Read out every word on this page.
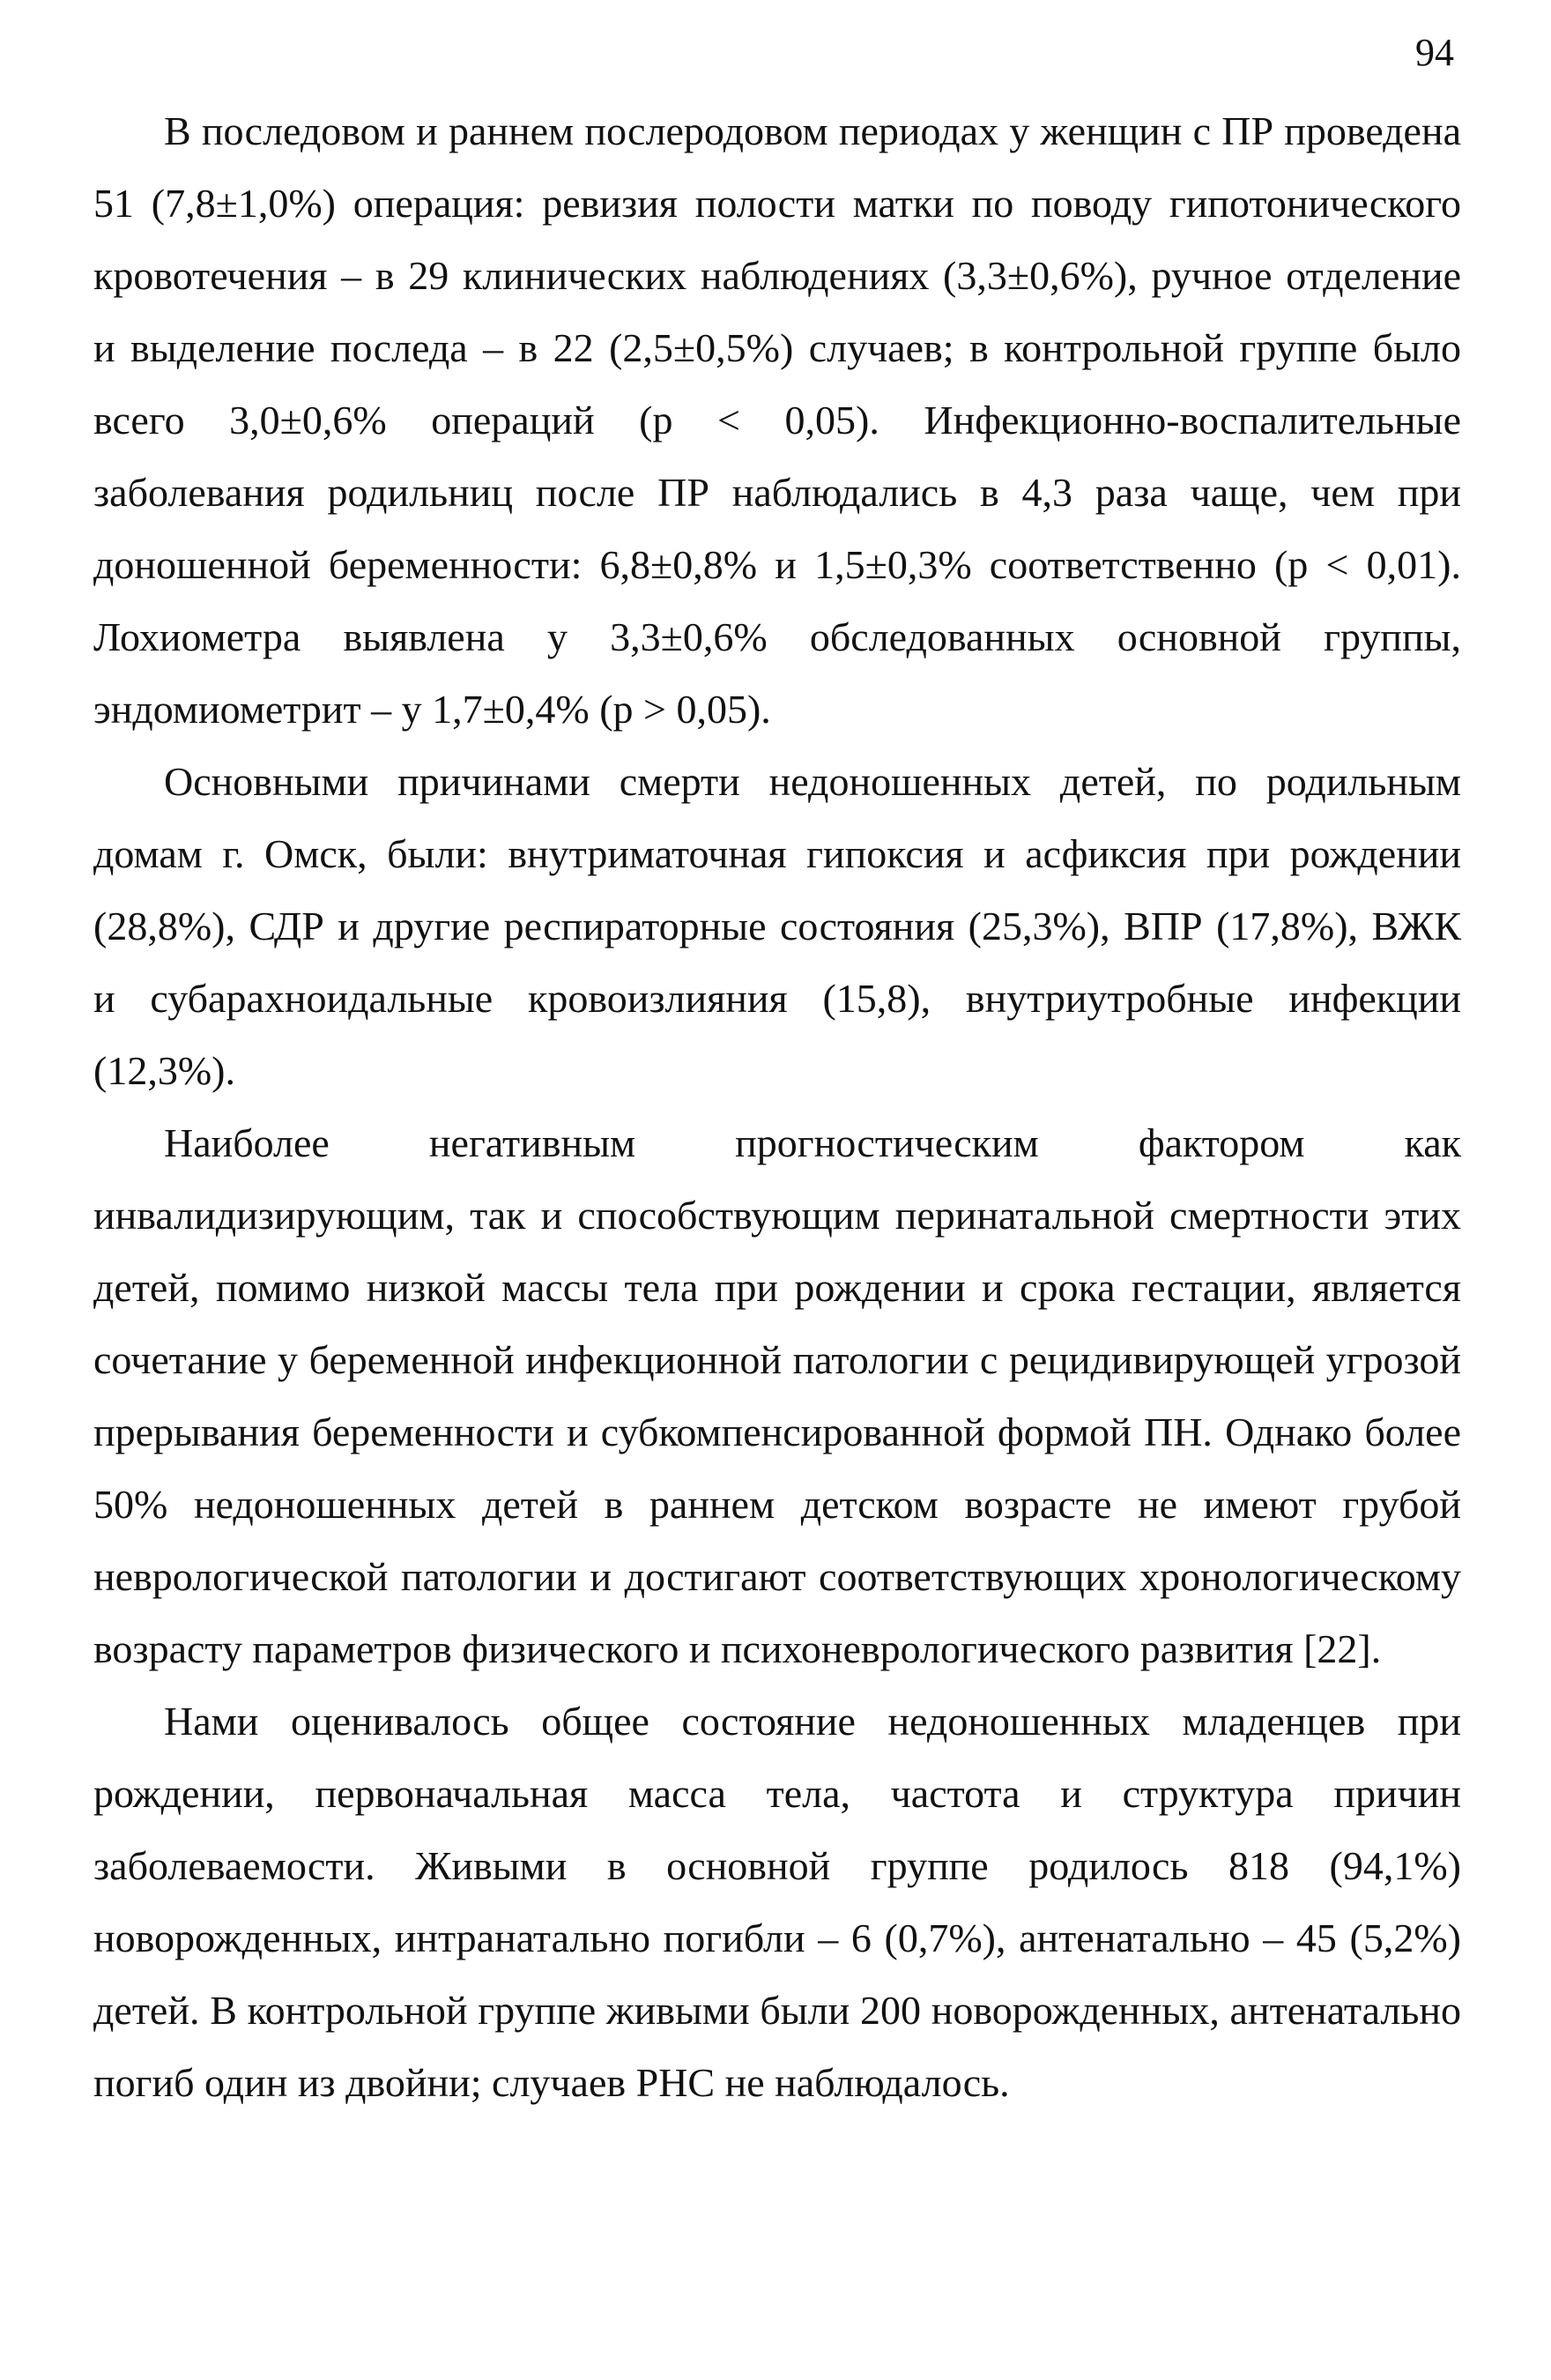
94

В последовом и раннем послеродовом периодах у женщин с ПР проведена 51 (7,8±1,0%) операция: ревизия полости матки по поводу гипотонического кровотечения – в 29 клинических наблюдениях (3,3±0,6%), ручное отделение и выделение последа – в 22 (2,5±0,5%) случаев; в контрольной группе было всего 3,0±0,6% операций (р < 0,05). Инфекционно-воспалительные заболевания родильниц после ПР наблюдались в 4,3 раза чаще, чем при доношенной беременности: 6,8±0,8% и 1,5±0,3% соответственно (р < 0,01). Лохиометра выявлена у 3,3±0,6% обследованных основной группы, эндомиометрит – у 1,7±0,4% (р > 0,05).

Основными причинами смерти недоношенных детей, по родильным домам г. Омск, были: внутриматочная гипоксия и асфиксия при рождении (28,8%), СДР и другие респираторные состояния (25,3%), ВПР (17,8%), ВЖК и субарахноидальные кровоизлияния (15,8), внутриутробные инфекции (12,3%).

Наиболее негативным прогностическим фактором как инвалидизирующим, так и способствующим перинатальной смертности этих детей, помимо низкой массы тела при рождении и срока гестации, является сочетание у беременной инфекционной патологии с рецидивирующей угрозой прерывания беременности и субкомпенсированной формой ПН. Однако более 50% недоношенных детей в раннем детском возрасте не имеют грубой неврологической патологии и достигают соответствующих хронологическому возрасту параметров физического и психоневрологического развития [22].

Нами оценивалось общее состояние недоношенных младенцев при рождении, первоначальная масса тела, частота и структура причин заболеваемости. Живыми в основной группе родилось 818 (94,1%) новорожденных, интранатально погибли – 6 (0,7%), антенатально – 45 (5,2%) детей. В контрольной группе живыми были 200 новорожденных, антенатально погиб один из двойни; случаев РНС не наблюдалось.
